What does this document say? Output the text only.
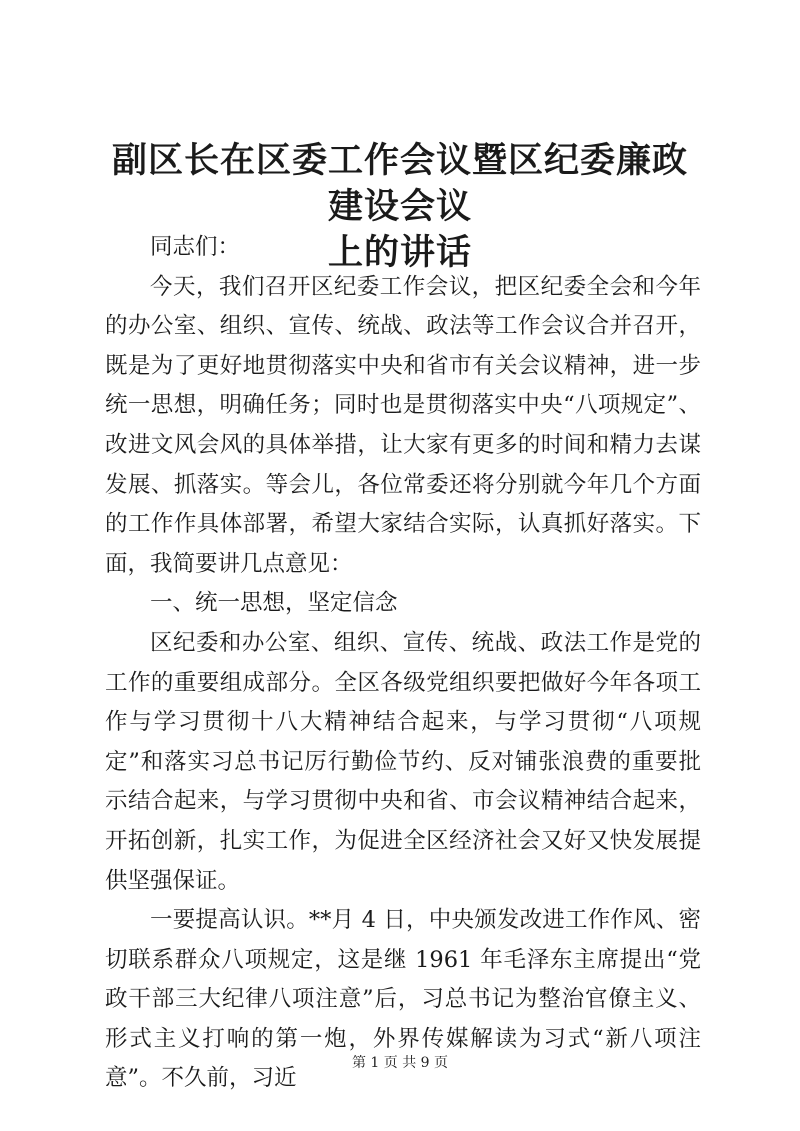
副区长在区委工作会议暨区纪委廉政建设会议
上的讲话

同志们：

今天，我们召开区纪委工作会议，把区纪委全会和今年的办公室、组织、宣传、统战、政法等工作会议合并召开，既是为了更好地贯彻落实中央和省市有关会议精神，进一步统一思想，明确任务；同时也是贯彻落实中央“八项规定”、改进文风会风的具体举措，让大家有更多的时间和精力去谋发展、抓落实。等会儿，各位常委还将分别就今年几个方面的工作作具体部署，希望大家结合实际，认真抓好落实。下面，我简要讲几点意见：

一、统一思想，坚定信念

区纪委和办公室、组织、宣传、统战、政法工作是党的工作的重要组成部分。全区各级党组织要把做好今年各项工作与学习贯彻十八大精神结合起来，与学习贯彻“八项规定”和落实习总书记厉行勤俭节约、反对铺张浪费的重要批示结合起来，与学习贯彻中央和省、市会议精神结合起来，开拓创新，扎实工作，为促进全区经济社会又好又快发展提供坚强保证。

一要提高认识。**月 4 日，中央颁发改进工作作风、密切联系群众八项规定，这是继 1961 年毛泽东主席提出“党政干部三大纪律八项注意”后，习总书记为整治官僚主义、形式主义打响的第一炮，外界传媒解读为习式“新八项注意”。不久前，习近

第 1 页 共 9 页
